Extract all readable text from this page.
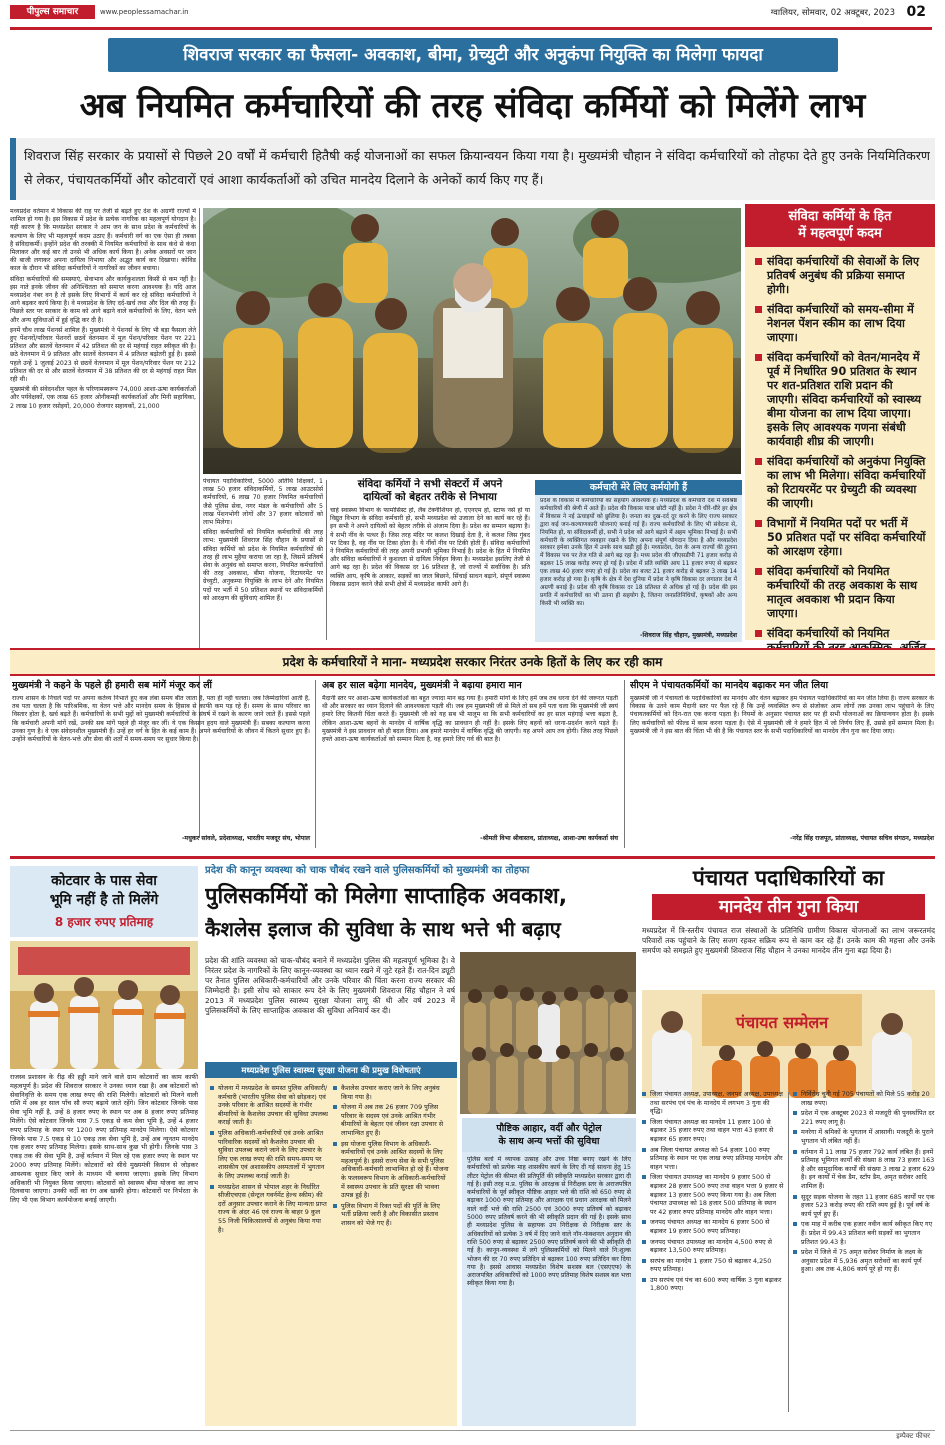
पीपुल्स समाचार	www.peoplessamachar.in	ग्वालियर, सोमवार, 02 अक्टूबर, 2023 02
शिवराज सरकार का फैसला- अवकाश, बीमा, ग्रेच्युटी और अनुकंपा नियुक्ति का मिलेगा फायदा
अब नियमित कर्मचारियों की तरह संविदा कर्मियों को मिलेंगे लाभ
शिवराज सिंह सरकार के प्रयासों से पिछले 20 वर्षों में कर्मचारी हितैषी कई योजनाओं का सफल क्रियान्वयन किया गया है। मुख्यमंत्री चौहान ने संविदा कर्मचारियों को तोहफा देते हुए उनके नियमितिकरण से लेकर, पंचायतकर्मियों और कोटवारों एवं आशा कार्यकर्ताओं को उचित मानदेय दिलाने के अनेकों कार्य किए गए हैं।

मध्यप्रदेश वर्तमान में विकास की राह पर तेजी से बढ़ते हुए देश के अग्रणी राज्यों में शामिल हो गया है। इस विकास में प्रदेश के प्रत्येक नागरिक का महत्वपूर्ण योगदान है। यही कारण है कि मध्यप्रदेश सरकार ने आम जन के साथ प्रदेश के कर्मचारियों के कल्याण के लिए भी महत्वपूर्ण कदम उठाए हैं। कर्मचारी वर्ग का एक ऐसा ही तबका है संविदाकर्मी। इन्होंने प्रदेश की तरक्की में नियमित कर्मचारियों के साथ कंधे से कंधा मिलाकर और कई बार तो उनसे भी अधिक कार्य किया है। अनेक अवसरों पर जान की बाजी लगाकर अपना दायित्व निभाया और अद्भुत कार्य कर दिखाया। कोविड काल के दौरान भी संविदा कर्मचारियों ने नागरिकों का जीवन बचाया।

संविदा कर्मचारियों की समस्याएं, सेवाभाव और कार्यकुशलता किसी से कम नहीं है। इस नाते इनके जीवन की अनिश्चितता को समाप्त करना आवश्यक है। यदि आज मध्यप्रदेश नंबर वन है तो इसके लिए विभागों में कार्य कर रहे संविदा कर्मचारियों ने आगे बढ़कर कार्य किया है। वे मध्यप्रदेश के लिए दर्द-खर्च तथा और दिल की तरह हैं। पिछले स्तर पर सरकार के काम को आगे बढ़ाने वाले कर्मचारियों के लिए, वेतन भत्ते और अन्य सुविधाओं में हुई वृद्धि कर दी है।

इनमें चौथ लाख पेंशनर्स शामिल हैं। मुख्यमंत्री ने पेंशनर्स के लिए भी बड़ा फैसला लेते हुए पेंशनरों/परिवार पेंशनरों छठवें वेतनमान में मूल पेंशन/परिवार पेंशन पर 221 प्रतिशत और सातवें वेतनमान में 42 प्रतिशत की दर से महंगाई राहत स्वीकृत की है। छठे वेतनमान में 9 प्रतिशत और सातवें वेतनमान में 4 प्रतिशत बढ़ोतरी हुई है। इससे पहले उन्हें 1 जुलाई 2023 से छठवें वेतनमान में मूल पेंशन/परिवार पेंशन पर 212 प्रतिशत की दर से और सातवें वेतनमान में 38 प्रतिशत की दर से महंगाई राहत मिल रही थी।

मुख्यमंत्री की संवेदनशील पहल के परिणामस्वरूप 74,000 आशा-ऊषा कार्यकर्ताओं और पर्यवेक्षकों, एक लाख 65 हजार ओनीकमइी कार्यकर्ताओं और मिनी सहायिका, 2 लाख 10 हजार रसोइयों, 20,000 रोजगार सहायकों, 21,000

पंचायत पदाधिकारियों, 5000 अतिथि शिक्षकों, 1 लाख 50 हजार संविदाकर्मियों, 5 लाख आउटसोर्स कर्मचारियों, 6 लाख 70 हजार नियमित कर्मचारियों जैसे पुलिस सेवा, नगर मंडल के कर्मचारियों और 5 लाख पेंशनभोगी लोगों और 37 हजार कोटवारों को लाभ मिलेगा।

संविदा कर्मचारियों को नियमित कर्मचारियों की तरह लाभ: मुख्यमंत्री शिवराज सिंह चौहान के प्रयासों से संविदा कर्मियों को प्रदेश के नियमित कर्मचारियों की तरह ही लाभ मुहैया कराया जा रहा है, जिसमें प्रतिवर्ष सेवा के अनुबंध को समाप्त करना, नियमित कर्मचारियों की तरह अवकाश, बीमा योजना, रिटायरमेंट पर ग्रेच्युटी, अनुकम्पा नियुक्ति के लाभ देने और नियमित पदों पर भर्ती में 50 प्रतिशत स्थानों पर संविदाकर्मियों को आरक्षण की सुविधाएं शामिल हैं।

संविदा कर्मियों ने सभी सेक्टरों में अपने
दायित्वों को बेहतर तरीके से निभाया
चाहे स्वास्थ्य विभाग के फार्मासिस्ट हो, लैब टेक्नीशियन हो, एएनएम हो, स्टाफ नर्स हो या विद्युत विभाग के संविदा कर्मचारी हो, सभी मध्यप्रदेश को उजाला देने का कार्य कर रहे हैं। इन सभी ने अपने दायित्वों को बेहतर तरीके से अंजाम दिया है। प्रदेश का सम्मान बढ़ाया है। ये सभी नींव के पत्थर हैं। जिस तरह मंदिर पर कलश दिखाई देता है, वे कलश जिस गुंबद पर टिका है, वह नींव पर टिका होता है। ये नींवों नीव पर टिकी होती हैं। संविदा कर्मचारियों ने नियमित कर्मचारियों की तरह अपनी प्रभावी भूमिका निभाई है। प्रदेश के हित में नियमित और संविदा कर्मचारियों ने कुशलता से दायित्व निर्वहन किया है। मध्यप्रदेश इसलिए तेजी से आगे बढ़ रहा है। प्रदेश की विकास दर 16 प्रतिशत है, जो राज्यों में सर्वाधिक है। प्रति व्यक्ति आय, कृषि के आकार, सड़कों का जाल बिछाने, सिंचाई साधन बढ़ाने, संपूर्ण स्वास्थ्य विकास प्रदान करने जैसे सभी क्षेत्रों में मध्यप्रदेश काफी आगे है।
कर्मचारी मेरे लिए कर्मयोगी हैं
प्रदेश के विकास में कर्मचारियों का सहयोग आवश्यक है। मध्यप्रदेश के कर्मचारी देश में सर्वश्रेष्ठ कर्मचारियों की श्रेणी में आते हैं। प्रदेश की विकास यात्रा छोटी नहीं है। प्रदेश ने धीरे-धीरे हर क्षेत्र में विकास ने नई ऊंचाइयों को छुलिया है। जनता का दुख-दर्द दूर करने के लिए राज्य सरकार द्वारा कई जन-कल्याणकारी योजनाएं बनाई गई हैं। राज्य कर्मचारियों के लिए भी संवेदना से, नियमित हो, या संविदाकर्मी हो, सभी ने प्रदेश को आगे बढ़ाने में अहम भूमिका निभाई है। सभी कर्मचारी के व्यक्तिगत व्यवहार रखने के लिए अपना संपूर्ण योगदान दिया है और मध्यप्रदेश सरकार हमेशा उनके हित में उनके साथ खड़ी हुई है। मध्यप्रदेश, देश के अन्य राज्यों की तुलना में विकास पथ पर तेज गति से आगे बढ़ रहा है। मध्य प्रदेश की जीएसडीपी 71 हजार करोड़ से बढ़कर 15 लाख करोड़ रुपए हो गई है। प्रदेश में प्रति व्यक्ति आय 11 हजार रुपए से बढ़कर एक लाख 40 हजार रुपए हो गई है। प्रदेश का बजट 21 हजार करोड़ से बढ़कर 3 लाख 14 हजार करोड़ हो गया है। कृषि के क्षेत्र में देश दुनिया में प्रदेश ने कृषि विकास दर लगातार देश में अग्रणी बनाई है। प्रदेश की कृषि विकास दर 18 प्रतिशत से अधिक हो गई है। प्रदेश की इस प्रगति में कर्मचारियों का भी उतना ही सहयोग है, जितना जनप्रतिनिधियों, कृषकों और अन्य किसी भी व्यक्ति का।
-शिवराज सिंह चौहान, मुख्यमंत्री, मध्यप्रदेश
संविदा कर्मियों के हित
में महत्वपूर्ण कदम
संविदा कर्मचारियों की सेवाओं के लिए प्रतिवर्ष अनुबंध की प्रक्रिया समाप्त होगी।
संविदा कर्मचारियों को समय-सीमा में नेशनल पेंशन स्कीम का लाभ दिया जाएगा।
संविदा कर्मचारियों को वेतन/मानदेय में पूर्व में निर्धारित 90 प्रतिशत के स्थान पर शत-प्रतिशत राशि प्रदान की जाएगी। संविदा कर्मचारियों को स्वास्थ्य बीमा योजना का लाभ दिया जाएगा। इसके लिए आवश्यक गणना संबंधी कार्यवाही शीघ्र की जाएगी।
संविदा कर्मचारियों को अनुकंपा नियुक्ति का लाभ भी मिलेगा। संविदा कर्मचारियों को रिटायरमेंट पर ग्रेच्युटी की व्यवस्था की जाएगी।
विभागों में नियमित पदों पर भर्ती में 50 प्रतिशत पदों पर संविदा कर्मचारियों को आरक्षण रहेगा।
संविदा कर्मचारियों को नियमित कर्मचारियों की तरह अवकाश के साथ मातृत्व अवकाश भी प्रदान किया जाएगा।
संविदा कर्मचारियों को नियमित
प्रदेश के कर्मचारियों ने माना- मध्यप्रदेश सरकार निरंतर उनके हितों के लिए कर रही काम
मुख्यमंत्री ने कहने के पहले ही हमारी सब मांगें मंजूर कर लीं
राज्य शासन के निचले पदों पर अपना कर्तव्य निभाते हुए कब लंबा समय बीत जाता है, पता ही नहीं चलता। जब जिम्मेदारियां आती हैं, तब पता चलता है कि पारिश्रमिक, या वेतन भत्ते और मानदेय समय के हिसाब से काफी कम पड़ रहे हैं। समय के साथ परिवार का विस्तार होता है, खर्च बढ़ते हैं। कर्मचारियों के सभी मुद्दों को मुख्यमंत्री कर्मचारियों के संघर्ष में रखने के कारण जाने जाते हैं। इससे पहले कि कर्मचारी अपनी मांगें रखें, उनकी सब मांगें पहले ही मंजूर कर लीं। ये एक किसान हृदय वाले मुख्यमंत्री हैं। सबका कल्याण करना उनका गुण है। वे एक संवेदनशील मुख्यमंत्री हैं। उन्हें हर वर्ग के हित के कई काम हैं। अपने कर्मचारियों के जीवन में कितने सुधार हुए हैं। उन्होंने कर्मचारियों के वेतन-भत्ते और सेवा की शर्तों में समय-समय पर सुधार किया है।
-मधुकर सांवले, प्रदेशाध्यक्ष, भारतीय मजदूर संघ, भोपाल
अब हर साल बढ़ेगा मानदेय, मुख्यमंत्री ने बढ़ाया हमारा मान
मैदानी स्तर पर आशा-ऊषा कार्यकर्ताओं का बहुत ज्यादा मान बढ़ गया है। हमारी मांगों के लिए हमें जब तब धरना देने की जरूरत पड़ती थी और सरकार का ध्यान दिलाने की आवश्यकता पड़ती थी। जब हम मुख्यमंत्री जी से मिले तो सब हमें पता चला कि मुख्यमंत्री जी स्वयं हमारे लिए कितनी चिंता करते हैं। मुख्यमंत्री जी को यह सब भी मालूम था कि सभी कर्मचारियों का हर साल महंगाई भत्ता बढ़ता है, लेकिन आशा-ऊषा बहनों के मानदेय में वार्षिक वृद्धि का प्रावधान ही नहीं है। इसके लिए बहनों को धरना-प्रदर्शन करने पड़ते हैं। मुख्यमंत्री ने इस प्रावधान को ही बदल दिया। अब हमारे मानदेय में वार्षिक वृद्धि की जाएगी। यह अपने आप तय होगी। जिस तरह पिछले हफ्ते आशा-ऊषा कार्यकर्ताओं को सम्मान मिला है, वह हमारे लिए गर्व की बात है।
-श्रीमती विभा श्रीवास्तव, प्रांताध्यक्ष, आशा-उषा कार्यकर्ता संघ
सीएम ने पंचायतकर्मियों का मानदेय बढ़ाकर मन जीत लिया
मुख्यमंत्री जी ने पंचायतों के पदाधिकारियों का मानदेय और वेतन बढ़ाकर हम पंचायत पदाधिकारियों का मन जीत लिया है। राज्य सरकार के विकास के उतने काम मैदानी स्तर पर फैल रहे हैं कि उन्हें व्यवस्थित रूप से संजोकर आम लोगों तक उनका लाभ पहुंचाने के लिए पंचायतकर्मियों को दिन-रात एक करना पड़ता है। नियमों के अनुसार पंचायत स्तर पर ही सभी योजनाओं का क्रियान्वयन होता है। इसके लिए कर्मचारियों को फील्ड में काम करना पड़ता है। ऐसे में मुख्यमंत्री जी ने हमारे हित में जो निर्णय लिए हैं, उससे हमें सम्मान मिला है। मुख्यमंत्री जी ने इस बात की चिंता भी की है कि पंचायत स्तर के सभी पदाधिकारियों का मानदेय तीन गुना कर दिया जाए।
-नरेंद्र सिंह राजपूत, प्रांताध्यक्ष, पंचायत सचिव संगठन, मध्यप्रदेश
कोटवार के पास सेवा
भूमि नहीं है तो मिलेंगे
8 हजार रुपए प्रतिमाह
राजस्व प्रशासन के रीढ़ की हड्डी माने जाने वाले ग्राम कोटवारों का काम काफी महत्वपूर्ण है। प्रदेश की शिवराज सरकार ने उनका ध्यान रखा है। अब कोटवारों को सेवानिवृत्ति के समय एक लाख रुपए की राशि मिलेगी। कोटवारों को मिलने वाली राशि में अब हर साल पाँच सौ रुपए बढ़ाये जाते रहेंगे। जिन कोटवार जिनके पास सेवा भूमि नहीं है, उन्हें 8 हजार रुपए के स्थान पर अब 8 हजार रुपए प्रतिमाह मिलेंगे। ऐसे कोटवार जिनके पास 7.5 एकड़ से कम सेवा भूमि है, उन्हें 4 हजार रुपए प्रतिमाह के स्थान पर 1200 रुपए प्रतिमाह मानदेय मिलेगा। ऐसे कोटवार जिनके पास 7.5 एकड़ से 10 एकड़ तक सेवा भूमि है, उन्हें अब न्यूनतम मानदेय एक हजार रुपए प्रतिमाह मिलेगा। इसके साथ-साथ कुछ भी होगी। जिनके पास 3 एकड़ तक की सेवा भूमि है, उन्हें वर्तमान में मिल रहे एक हजार रुपए के स्थान पर 2000 रुपए प्रतिमाह मिलेंगे। कोटवारों को सीधे मुख्यमंत्री किसान से जोड़कर आवश्यक सुधार किए जाने के माध्यम भी बनाया जाएगा। इसके लिए विभाग अधिकारी भी नियुक्त किया जाएगा। कोटवारों को स्वास्थ्य बीमा योजना का लाभ दिलवाया जाएगा। उनकी वर्दी का रंग अब खाकी होगा। कोटवारों पर निर्भरता के लिए भी एक विभाग कार्ययोजना बनाई जाएगी।
प्रदेश की कानून व्यवस्था को चाक चौबंद रखने वाले पुलिसकर्मियों को मुख्यमंत्री का तोहफा
पुलिसकर्मियों को मिलेगा साप्ताहिक अवकाश,
कैशलेस इलाज की सुविधा के साथ भत्ते भी बढ़ाए
प्रदेश की शांति व्यवस्था को चाक-चौबंद बनाने में मध्यप्रदेश पुलिस की महत्वपूर्ण भूमिका है। वे निरंतर प्रदेश के नागरिकों के लिए कानून-व्यवस्था का ध्यान रखने में जुटे रहते हैं। रात-दिन ड्यूटी पर तैनात पुलिस अधिकारी-कर्मचारियों और उनके परिवार की चिंता करना राज्य सरकार की जिम्मेदारी है। इसी सोच को साकार रूप देने के लिए मुख्यमंत्री शिवराज सिंह चौहान ने वर्ष 2013 में मध्यप्रदेश पुलिस स्वास्थ्य सुरक्षा योजना लागू की थी और वर्ष 2023 में पुलिसकर्मियों के लिए साप्ताहिक अवकाश की सुविधा अनिवार्य कर दी।
मध्यप्रदेश पुलिस स्वास्थ्य सुरक्षा योजना की प्रमुख विशेषताएं
योजना में मध्यप्रदेश के समस्त पुलिस अधिकारी/कर्मचारी (भारतीय पुलिस सेवा को छोड़कर) एवं उनके परिवार के आश्रित सदस्यों के गंभीर बीमारियों के कैशलेस उपचार की सुविधा उपलब्ध कराई जाती है।
पुलिस अधिकारी-कर्मचारियों एवं उनके आश्रित पारिवारिक सदस्यों को कैशलेस उपचार की सुविधा उपलब्ध कराने जाने के लिए उपचार के लिए एक लाख रुपए की राशि समय-समय पर शासकीय एवं अशासकीय अस्पतालों में भुगतान के लिए उपलब्ध कराई जाती है।
मध्यप्रदेश शासन से भोपाल शहर के निर्धारित सीजीएचएस (सेन्ट्रल गवर्नमेंट हेल्थ स्कीम) की दरों अनुसार उपचार कराने के लिए मान्यता प्राप्त राज्य के अंदर 46 एवं राज्य के बाहर 9 कुल 55 निजी चिकित्सालयों से अनुबंध किया गया है।
कैशलेस उपचार कराए जाने के लिए अनुबंध किया गया है।
योजना में अब तक 26 हजार 709 पुलिस परिवार के सदस्य एवं उनके आश्रित गंभीर बीमारियों के बेहतर एवं जीवन रक्षा उपचार से लाभान्वित हुए हैं।
इस योजना पुलिस विभाग के अधिकारी-कर्मचारियों एवं उनके आश्रित सदस्यों के लिए महत्वपूर्ण है। इससे राज्य सेवा के सभी पुलिस अधिकारी-कर्मचारी लाभान्वित हो रहे हैं। योजना के फलस्वरूप विभाग के अधिकारी-कर्मचारियों में स्वास्थ्य उपचार के प्रति सुरक्षा की भावना उत्पन्न हुई है।
पुलिस विभाग में रिक्त पदों की पूर्ति के लिए भर्ती प्रक्रिया जारी है और विकासीत प्रस्ताव शासन को भेजे गए हैं।
पौष्टिक आहार, वर्दी और पेट्रोल
के साथ अन्य भत्तों की सुविधा
पुलिस बलों में व्यापक उत्साह और उच्च निष्ठा बनाए रखने के लिए कर्मचारियों को प्रत्येक माह शासकीय कार्य के लिए दी गई साधना हेतु 15 लीटर पेट्रोल की कीमत की प्रतिपूर्ति की स्वीकृति मध्यप्रदेश सरकार द्वारा दी गई है। इसी तरह म.प्र. पुलिस के आरक्षक से निरीक्षक स्तर के अराजपत्रित कर्मचारियों के पूर्व स्वीकृत पौष्टिक आहार भत्ते की राशि को 650 रुपए से बढ़ाकर 1000 रुपए प्रतिमाह और आरक्षक एवं प्रधान आरक्षक को मिलने वाले वर्दी भत्ते की राशि 2500 एवं 3000 रुपए प्रतिवर्ष को बढ़ाकर 5000 रुपए प्रतिवर्ष करने की भी स्वीकृति प्रदान की गई है। इसके साथ ही मध्यप्रदेश पुलिस के सहायक उप निरीक्षक से निरीक्षक स्तर के अधिकारियों को प्रत्येक 3 वर्ष में दिए जाने वाले नॉन-फंक्शनल अनुदान की राशि 500 रुपए से बढ़ाकर 2500 रुपए प्रतिवर्ष करने की भी स्वीकृति दी गई है। कानून-व्यवस्था में लगे पुलिसकर्मियों को मिलने वाले नि:शुल्क भोजन की दर 70 रुपए प्रतिदिन से बढ़ाकर 100 रुपए प्रतिदिन कर दिया गया है। इससे आवास मध्यप्रदेश विशेष सशस्त्र बल (एसएएफ) के अराजपत्रित अधिकारियों को 1000 रुपए प्रतिमाह विशेष सशस्त्र बल भत्ता स्वीकृत किया गया है।
पंचायत पदाधिकारियों का
मानदेय तीन गुना किया
मध्यप्रदेश में त्रि-स्तरीय पंचायत राज संस्थाओं के प्रतिनिधि ग्रामीण विकास योजनाओं का लाभ जरूरतमंद परिवारों तक पहुंचाने के लिए सजग रहकर सक्रिय रूप से काम कर रहे हैं। उनके काम की महत्ता और उनके समर्पण को समझते हुए मुख्यमंत्री शिवराज सिंह चौहान ने उनका मानदेय तीन गुना बढ़ा दिया है।
पंचायत सम्मेलन
जिला पंचायत अध्यक्ष, उपाध्यक्ष, जनपद अध्यक्ष, उपाध्यक्ष तथा सरपंच एवं पंच के मानदेय में लगभग 3 गुना की वृद्धि।
जिला पंचायत अध्यक्ष का मानदेय 11 हजार 100 से बढ़ाकर 35 हजार रुपए तथा वाहन भत्ता 43 हजार से बढ़ाकर 65 हजार रुपए।
अब जिला पंचायत अध्यक्ष को 54 हजार 100 रुपए प्रतिमाह के स्थान पर एक लाख रुपए प्रतिमाह मानदेय और वाहन भत्ता।
जिला पंचायत उपाध्यक्ष का मानदेय 9 हजार 500 से बढ़ाकर 28 हजार 500 रुपए तथा वाहन भत्ता 9 हजार से बढ़ाकर 13 हजार 500 रुपए किया गया है। अब जिला पंचायत उपाध्यक्ष को 18 हजार 500 प्रतिमाह के स्थान पर 42 हजार रुपए प्रतिमाह मानदेय और वाहन भत्ता।
जनपद पंचायत अध्यक्ष का मानदेय 6 हजार 500 से बढ़ाकर 19 हजार 500 रुपए प्रतिमाह।
जनपद पंचायत उपाध्यक्ष का मानदेय 4,500 रुपए से बढ़ाकर 13,500 रुपए प्रतिमाह।
सरपंच का मानदेय 1 हजार 750 से बढ़ाकर 4,250 रुपए प्रतिमाह।
उप सरपंच एवं पंच का 600 रुपए वार्षिक 3 गुना बढ़ाकर 1,800 रुपए।
निर्विरोध चुनी गई 705 पंचायतों को मिले 55 करोड़ 20 लाख रुपए।
प्रदेश में एक अक्टूबर 2023 से मजदूरी की पुनर्स्थापित दर 221 रुपए लागू है।
मनरेगा में श्रमिकों के भुगतान में आसानी। मजदूरी के पुराने भुगतान भी लंबित नहीं हैं।
वर्तमान में 11 लाख 75 हजार 792 कार्य लंबित हैं। इनमें प्रतिमाह भूमिगत कार्यों की संख्या 8 लाख 73 हजार 163 है और सामुदायिक कार्यों की संख्या 3 लाख 2 हजार 629 है। इन कार्यों में चेक डैम, स्टॉप डैम, अमृत सरोवर आदि शामिल हैं।
सुदूर सड़क योजना के तहत 11 हजार 685 कार्यों पर एक हजार 523 करोड़ रुपए की राशि व्यय हुई है। पूर्व वर्ष के कार्य पूर्ण हुए हैं।
एक माह में करीब एक हजार नवीन कार्य स्वीकृत किए गए हैं। प्रदेश में 99.43 प्रतिशत बनी सड़कों का भुगतान प्रतिशत 99.43 है।
प्रदेश में जिले में 75 अमृत सरोवर निर्माण के लक्ष्य के अनुसार प्रदेश में 5,936 अमृत सरोवरों का कार्य पूर्ण हुआ। अब तक 4,806 कार्य पूरे हो गए हैं।
इम्पैक्ट फीचर
